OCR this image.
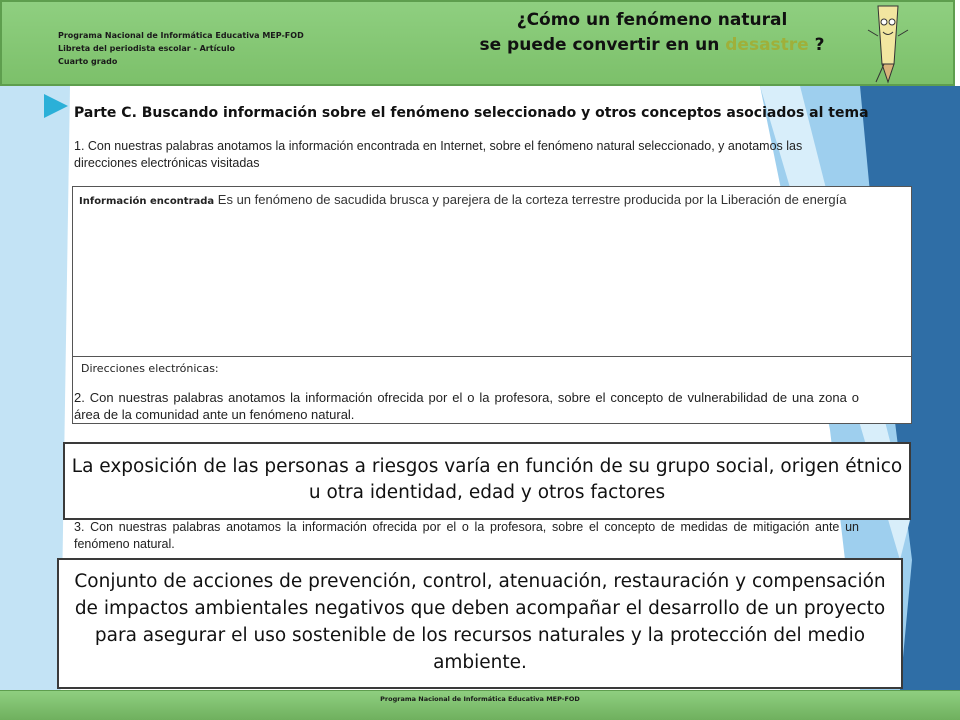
Programa Nacional de Informática Educativa MEP-FOD
Libreta del periodista escolar - Artículo
Cuarto grado
¿Cómo un fenómeno natural
se puede convertir en un desastre ?
Parte C. Buscando información sobre el fenómeno seleccionado y otros conceptos asociados al tema
1. Con nuestras palabras anotamos la información encontrada en Internet, sobre el fenómeno natural seleccionado, y anotamos las direcciones electrónicas visitadas
Información encontrada Es un fenómeno de sacudida brusca y parejera de la corteza terrestre producida por la Liberación de energía
Direcciones electrónicas:
2. Con nuestras palabras anotamos la información ofrecida por el o la profesora, sobre el concepto de vulnerabilidad de una zona o área de la comunidad ante un fenómeno natural.
La exposición de las personas a riesgos varía en función de su grupo social, origen étnico u otra identidad, edad y otros factores
3. Con nuestras palabras anotamos la información ofrecida por el o la profesora, sobre el concepto de medidas de mitigación ante un fenómeno natural.
Conjunto de acciones de prevención, control, atenuación, restauración y compensación de impactos ambientales negativos que deben acompañar el desarrollo de un proyecto para asegurar el uso sostenible de los recursos naturales y la protección del medio ambiente.
Programa Nacional de Informática Educativa MEP-FOD
